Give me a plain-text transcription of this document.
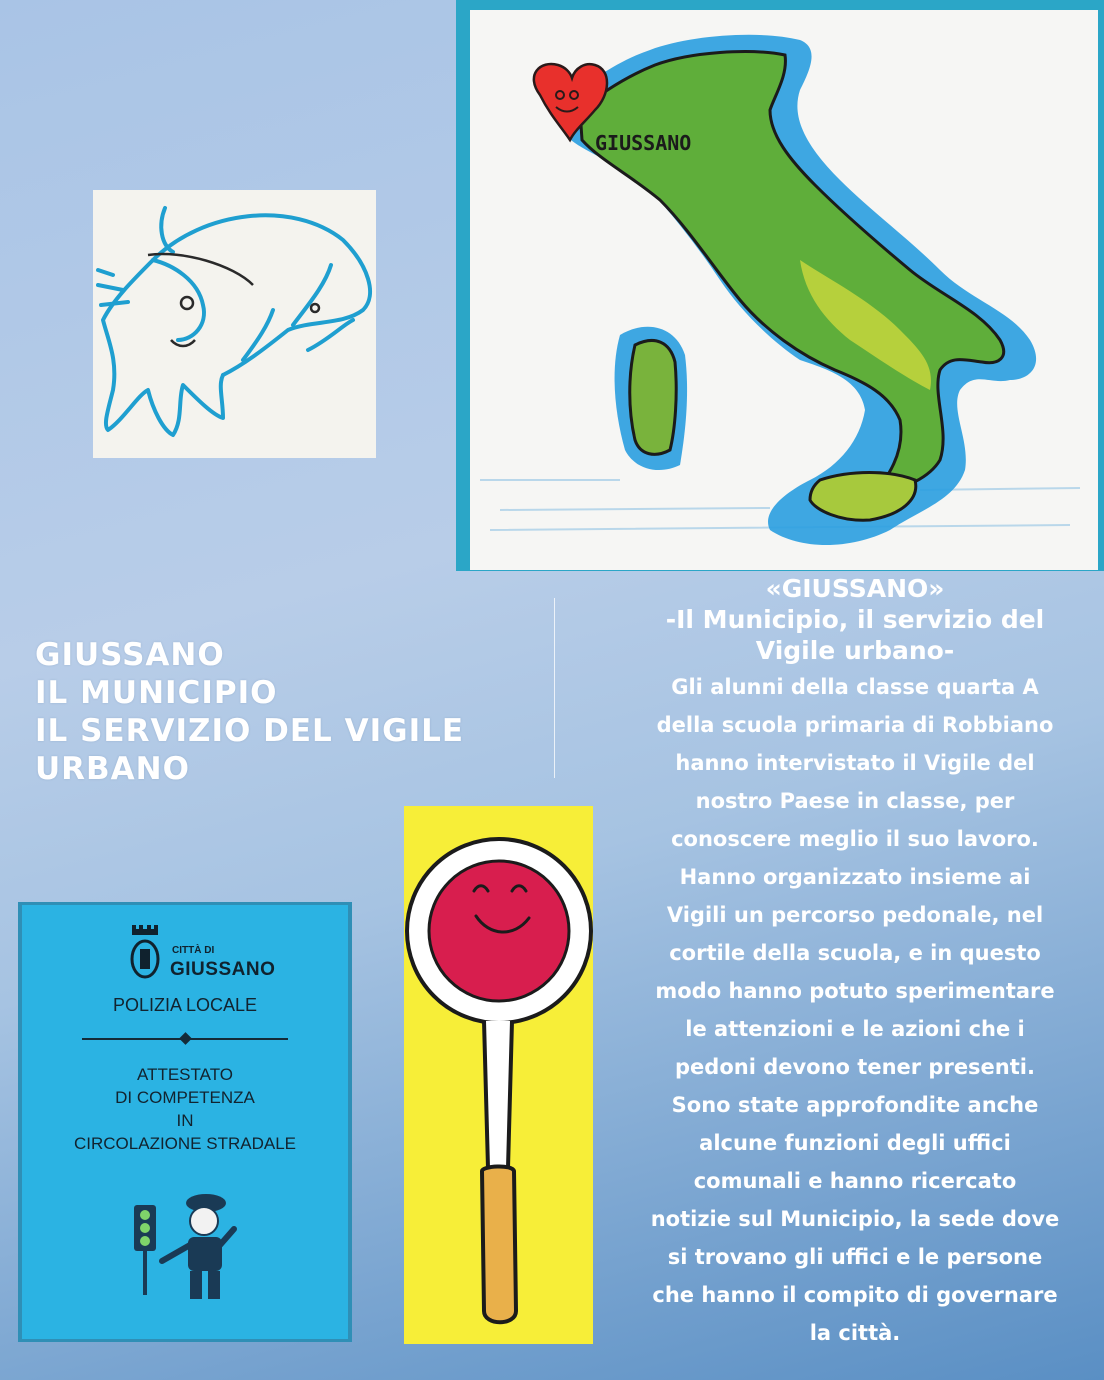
GIUSSANO
GIUSSANO
IL MUNICIPIO
IL SERVIZIO DEL VIGILE
URBANO
«GIUSSANO»
-Il Municipio, il servizio del
Vigile urbano-
Gli alunni della classe quarta A
della scuola primaria di Robbiano
hanno intervistato il Vigile del
nostro Paese in classe, per
conoscere meglio il suo lavoro.
Hanno organizzato insieme ai
Vigili un percorso pedonale, nel
cortile della scuola, e in questo
modo hanno potuto sperimentare
le attenzioni e le azioni che i
pedoni devono tener presenti.
Sono state approfondite anche
alcune funzioni degli uffici
comunali e hanno ricercato
notizie sul Municipio, la sede dove
si trovano gli uffici e le persone
che hanno il compito di governare
la città.
CITTÀ DI
GIUSSANO
POLIZIA LOCALE
ATTESTATO
DI COMPETENZA
IN
CIRCOLAZIONE STRADALE
